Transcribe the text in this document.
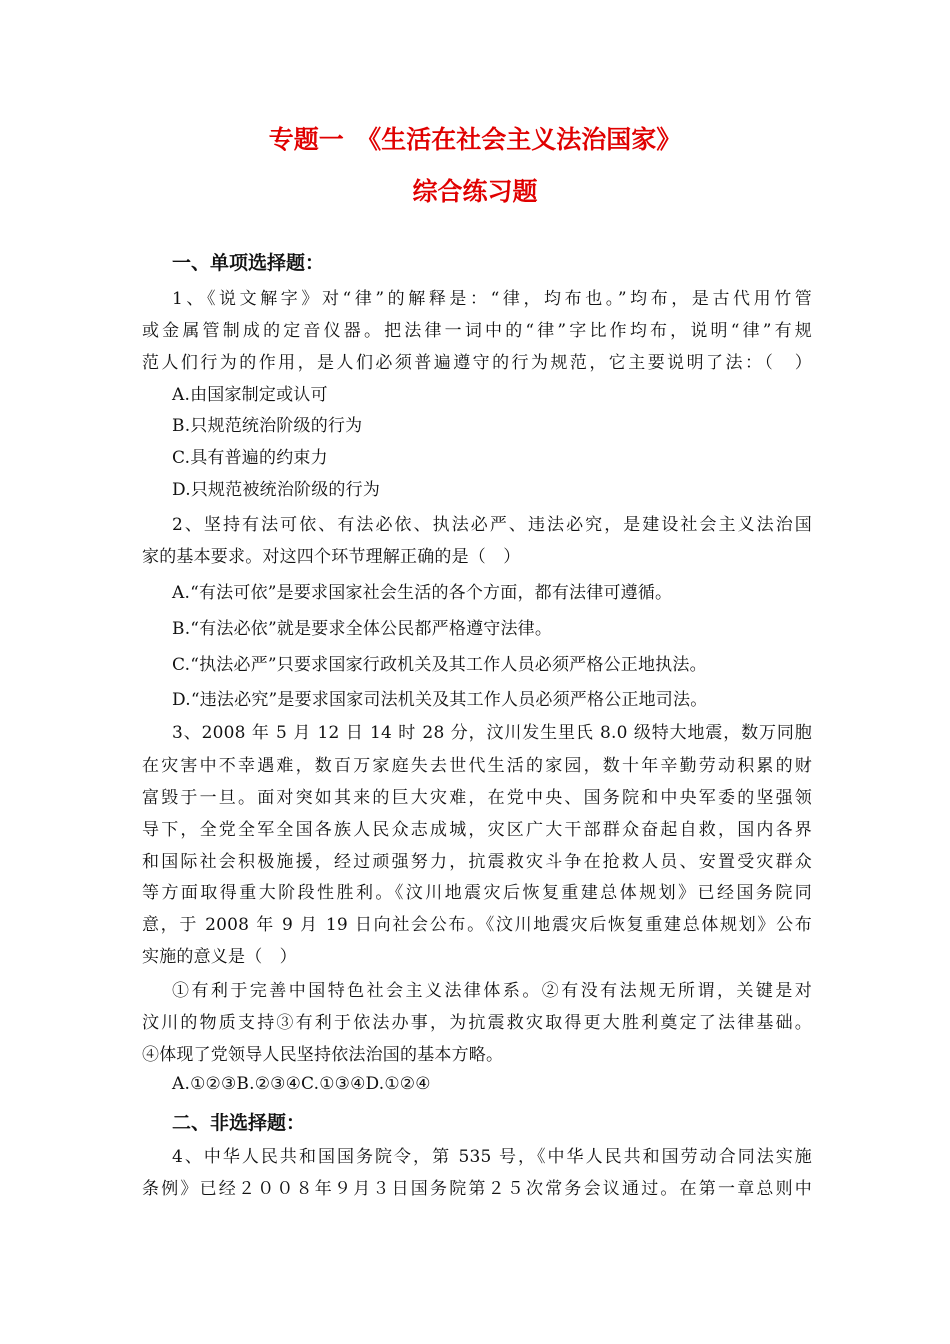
专题一　《生活在社会主义法治国家》
综合练习题
一、单项选择题：
1、《说文解字》对“律”的解释是：“律，均布也。”均布，是古代用竹管
或金属管制成的定音仪器。把法律一词中的“律”字比作均布，说明“律”有规
范人们行为的作用，是人们必须普遍遵守的行为规范，它主要说明了法：（　）
A.由国家制定或认可
B.只规范统治阶级的行为
C.具有普遍的约束力
D.只规范被统治阶级的行为
2、坚持有法可依、有法必依、执法必严、违法必究，是建设社会主义法治国
家的基本要求。对这四个环节理解正确的是（　）
A.“有法可依”是要求国家社会生活的各个方面，都有法律可遵循。
B.“有法必依”就是要求全体公民都严格遵守法律。
C.“执法必严”只要求国家行政机关及其工作人员必须严格公正地执法。
D.“违法必究”是要求国家司法机关及其工作人员必须严格公正地司法。
3、2008 年 5 月 12 日 14 时 28 分，汶川发生里氏 8.0 级特大地震，数万同胞
在灾害中不幸遇难，数百万家庭失去世代生活的家园，数十年辛勤劳动积累的财
富毁于一旦。面对突如其来的巨大灾难，在党中央、国务院和中央军委的坚强领
导下，全党全军全国各族人民众志成城，灾区广大干部群众奋起自救，国内各界
和国际社会积极施援，经过顽强努力，抗震救灾斗争在抢救人员、安置受灾群众
等方面取得重大阶段性胜利。《汶川地震灾后恢复重建总体规划》已经国务院同
意，于 2008 年 9 月 19 日向社会公布。《汶川地震灾后恢复重建总体规划》公布
实施的意义是（　）
①有利于完善中国特色社会主义法律体系。②有没有法规无所谓，关键是对
汶川的物质支持③有利于依法办事，为抗震救灾取得更大胜利奠定了法律基础。
④体现了党领导人民坚持依法治国的基本方略。
A.①②③B.②③④C.①③④D.①②④
二、非选择题：
4、中华人民共和国国务院令，第 535 号，《中华人民共和国劳动合同法实施
条例》已经２００８年９月３日国务院第２５次常务会议通过。在第一章总则中
